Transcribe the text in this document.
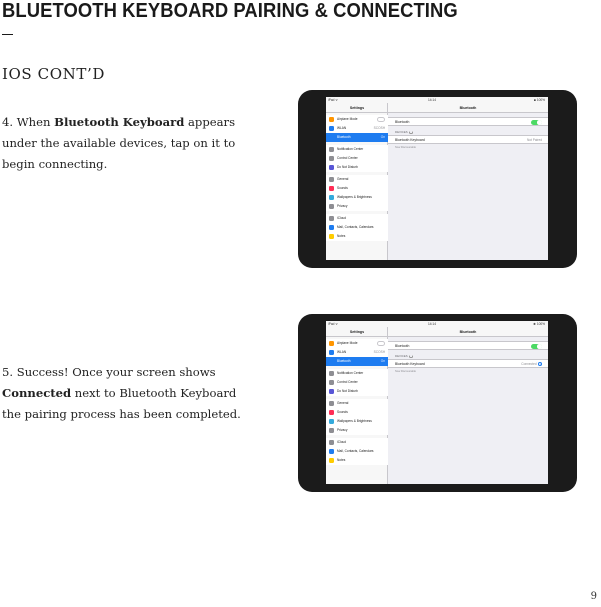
BLUETOOTH KEYBOARD PAIRING & CONNECTING
IOS CONT’D

4. When Bluetooth Keyboard appears under the available devices, tap on it to begin connecting.

5. Success! Once your screen shows Connected next to Bluetooth Keyboard the pairing process has been completed.

iPad ᯤ	14:14	■ 100%
Settings
Airplane Mode
WLAN	SCOSH
Bluetooth	On
Notification Center
Control Center
Do Not Disturb
General
Sounds
Wallpapers & Brightness
Privacy
iCloud
Mail, Contacts, Calendars
Notes
Bluetooth
Bluetooth
DEVICES
Bluetooth Keyboard	Not Paired
Now Discoverable
iPad ᯤ	14:14	✱ 100%
Settings
Airplane Mode
WLAN	SCOSH
Bluetooth	On
Notification Center
Control Center
Do Not Disturb
General
Sounds
Wallpapers & Brightness
Privacy
iCloud
Mail, Contacts, Calendars
Notes
Bluetooth
Bluetooth
DEVICES
Bluetooth Keyboard	Connected i
Now Discoverable
9
